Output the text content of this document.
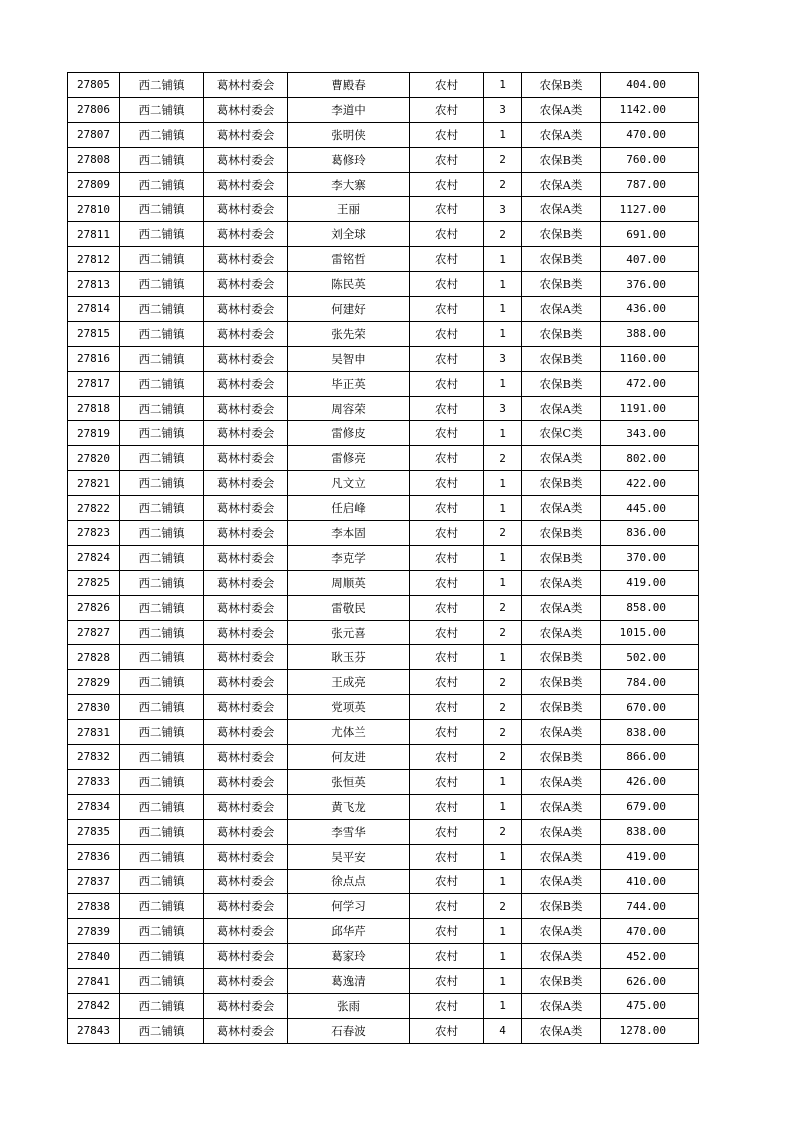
27805	西二铺镇	葛林村委会	曹殿春	农村	1	农保B类	404.00
27806	西二铺镇	葛林村委会	李道中	农村	3	农保A类	1142.00
27807	西二铺镇	葛林村委会	张明侠	农村	1	农保A类	470.00
27808	西二铺镇	葛林村委会	葛修玲	农村	2	农保B类	760.00
27809	西二铺镇	葛林村委会	李大寨	农村	2	农保A类	787.00
27810	西二铺镇	葛林村委会	王丽	农村	3	农保A类	1127.00
27811	西二铺镇	葛林村委会	刘全球	农村	2	农保B类	691.00
27812	西二铺镇	葛林村委会	雷铭哲	农村	1	农保B类	407.00
27813	西二铺镇	葛林村委会	陈民英	农村	1	农保B类	376.00
27814	西二铺镇	葛林村委会	何建好	农村	1	农保A类	436.00
27815	西二铺镇	葛林村委会	张先荣	农村	1	农保B类	388.00
27816	西二铺镇	葛林村委会	吴智申	农村	3	农保B类	1160.00
27817	西二铺镇	葛林村委会	毕正英	农村	1	农保B类	472.00
27818	西二铺镇	葛林村委会	周容荣	农村	3	农保A类	1191.00
27819	西二铺镇	葛林村委会	雷修皮	农村	1	农保C类	343.00
27820	西二铺镇	葛林村委会	雷修亮	农村	2	农保A类	802.00
27821	西二铺镇	葛林村委会	凡文立	农村	1	农保B类	422.00
27822	西二铺镇	葛林村委会	任启峰	农村	1	农保A类	445.00
27823	西二铺镇	葛林村委会	李本固	农村	2	农保B类	836.00
27824	西二铺镇	葛林村委会	李克学	农村	1	农保B类	370.00
27825	西二铺镇	葛林村委会	周顺英	农村	1	农保A类	419.00
27826	西二铺镇	葛林村委会	雷敬民	农村	2	农保A类	858.00
27827	西二铺镇	葛林村委会	张元喜	农村	2	农保A类	1015.00
27828	西二铺镇	葛林村委会	耿玉芬	农村	1	农保B类	502.00
27829	西二铺镇	葛林村委会	王成亮	农村	2	农保B类	784.00
27830	西二铺镇	葛林村委会	党项英	农村	2	农保B类	670.00
27831	西二铺镇	葛林村委会	尤体兰	农村	2	农保A类	838.00
27832	西二铺镇	葛林村委会	何友进	农村	2	农保B类	866.00
27833	西二铺镇	葛林村委会	张恒英	农村	1	农保A类	426.00
27834	西二铺镇	葛林村委会	黄飞龙	农村	1	农保A类	679.00
27835	西二铺镇	葛林村委会	李雪华	农村	2	农保A类	838.00
27836	西二铺镇	葛林村委会	吴平安	农村	1	农保A类	419.00
27837	西二铺镇	葛林村委会	徐点点	农村	1	农保A类	410.00
27838	西二铺镇	葛林村委会	何学习	农村	2	农保B类	744.00
27839	西二铺镇	葛林村委会	邱华芹	农村	1	农保A类	470.00
27840	西二铺镇	葛林村委会	葛家玲	农村	1	农保A类	452.00
27841	西二铺镇	葛林村委会	葛逸清	农村	1	农保B类	626.00
27842	西二铺镇	葛林村委会	张雨	农村	1	农保A类	475.00
27843	西二铺镇	葛林村委会	石春波	农村	4	农保A类	1278.00
